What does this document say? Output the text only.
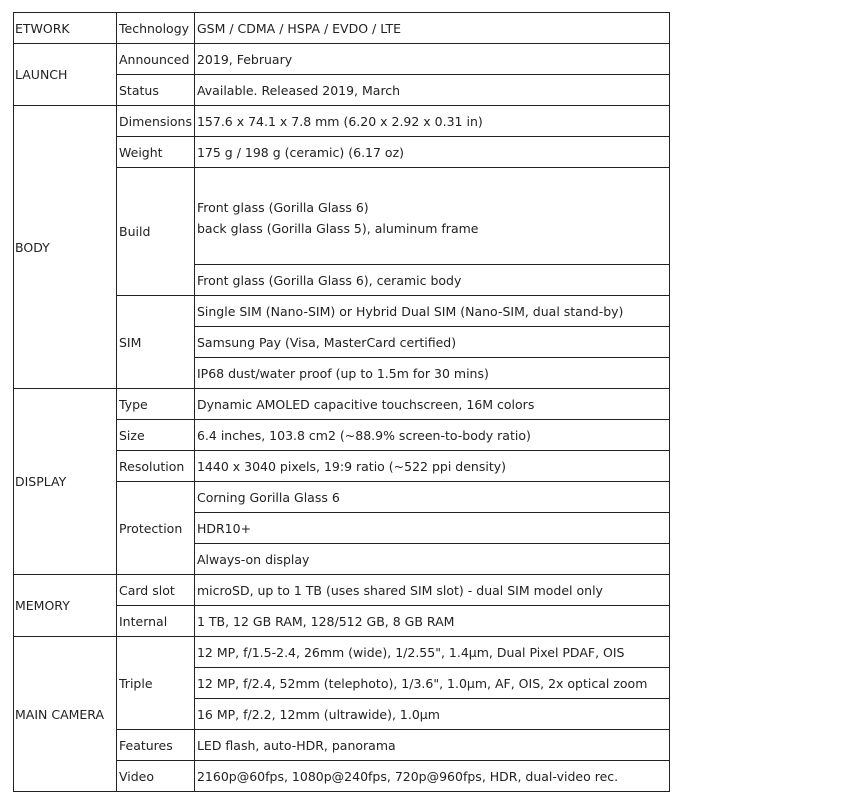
ETWORK	Technology	GSM / CDMA / HSPA / EVDO / LTE
LAUNCH	Announced	2019, February
	Status	Available. Released 2019, March
BODY	Dimensions	157.6 x 74.1 x 7.8 mm (6.20 x 2.92 x 0.31 in)
	Weight	175 g / 198 g (ceramic) (6.17 oz)
	Build	Front glass (Gorilla Glass 6)
back glass (Gorilla Glass 5), aluminum frame
		Front glass (Gorilla Glass 6), ceramic body
	SIM	Single SIM (Nano-SIM) or Hybrid Dual SIM (Nano-SIM, dual stand-by)
		Samsung Pay (Visa, MasterCard certified)
		IP68 dust/water proof (up to 1.5m for 30 mins)
DISPLAY	Type	Dynamic AMOLED capacitive touchscreen, 16M colors
	Size	6.4 inches, 103.8 cm2 (~88.9% screen-to-body ratio)
	Resolution	1440 x 3040 pixels, 19:9 ratio (~522 ppi density)
	Protection	Corning Gorilla Glass 6
		HDR10+
		Always-on display
MEMORY	Card slot	microSD, up to 1 TB (uses shared SIM slot) - dual SIM model only
	Internal	1 TB, 12 GB RAM, 128/512 GB, 8 GB RAM
MAIN CAMERA	Triple	12 MP, f/1.5-2.4, 26mm (wide), 1/2.55", 1.4µm, Dual Pixel PDAF, OIS
		12 MP, f/2.4, 52mm (telephoto), 1/3.6", 1.0µm, AF, OIS, 2x optical zoom
		16 MP, f/2.2, 12mm (ultrawide), 1.0µm
	Features	LED flash, auto-HDR, panorama
	Video	2160p@60fps, 1080p@240fps, 720p@960fps, HDR, dual-video rec.
